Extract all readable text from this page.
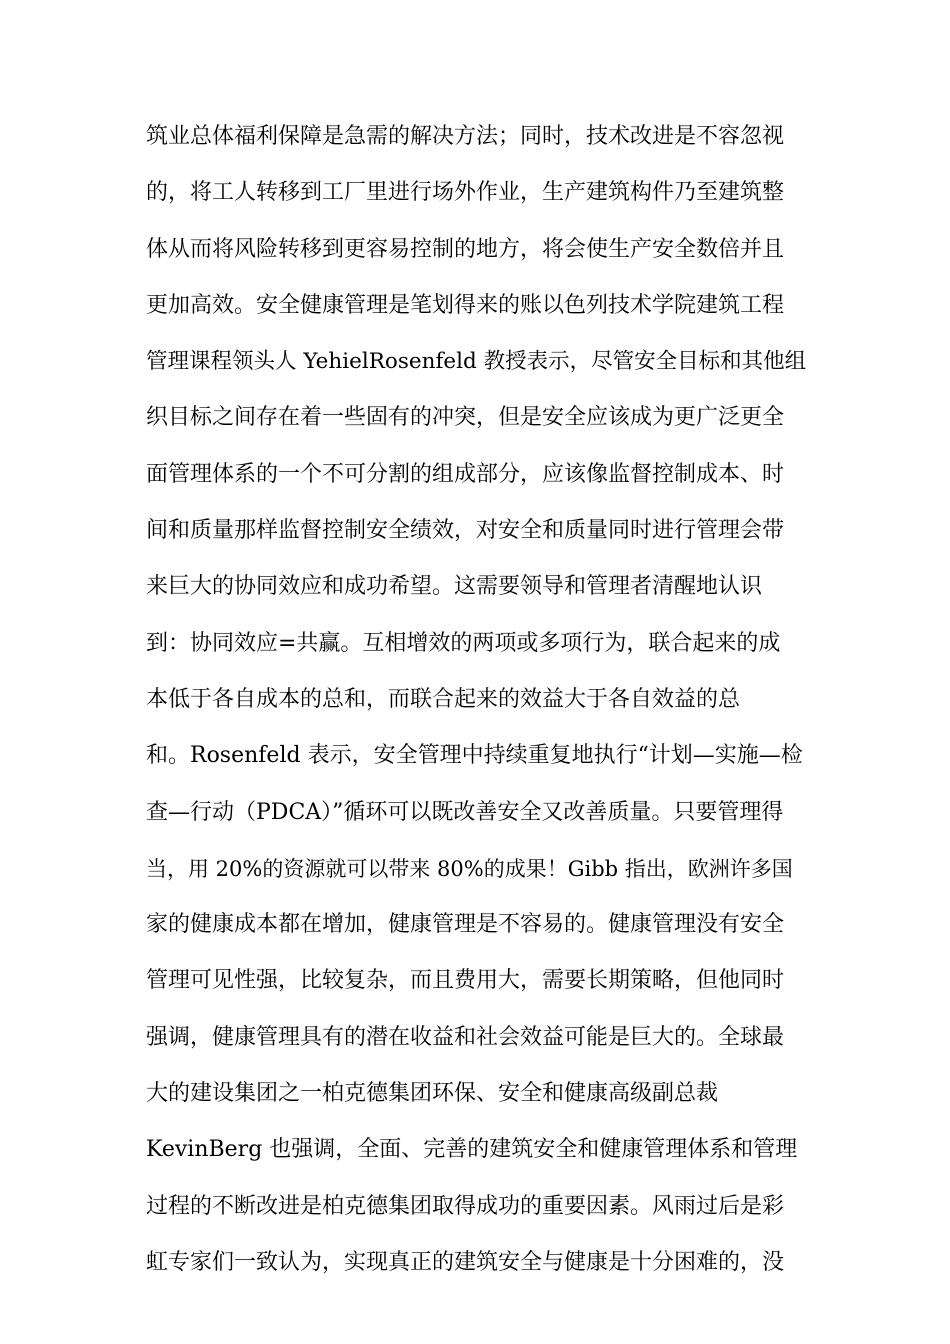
筑业总体福利保障是急需的解决方法；同时，技术改进是不容忽视
的，将工人转移到工厂里进行场外作业，生产建筑构件乃至建筑整
体从而将风险转移到更容易控制的地方，将会使生产安全数倍并且
更加高效。安全健康管理是笔划得来的账以色列技术学院建筑工程
管理课程领头人 YehielRosenfeld 教授表示，尽管安全目标和其他组
织目标之间存在着一些固有的冲突，但是安全应该成为更广泛更全
面管理体系的一个不可分割的组成部分，应该像监督控制成本、时
间和质量那样监督控制安全绩效，对安全和质量同时进行管理会带
来巨大的协同效应和成功希望。这需要领导和管理者清醒地认识
到：协同效应=共赢。互相增效的两项或多项行为，联合起来的成
本低于各自成本的总和，而联合起来的效益大于各自效益的总
和。Rosenfeld 表示，安全管理中持续重复地执行“计划—实施—检
查—行动（PDCA）”循环可以既改善安全又改善质量。只要管理得
当，用 20%的资源就可以带来 80%的成果！Gibb 指出，欧洲许多国
家的健康成本都在增加，健康管理是不容易的。健康管理没有安全
管理可见性强，比较复杂，而且费用大，需要长期策略，但他同时
强调，健康管理具有的潜在收益和社会效益可能是巨大的。全球最
大的建设集团之一柏克德集团环保、安全和健康高级副总裁
KevinBerg 也强调，全面、完善的建筑安全和健康管理体系和管理
过程的不断改进是柏克德集团取得成功的重要因素。风雨过后是彩
虹专家们一致认为，实现真正的建筑安全与健康是十分困难的，没
